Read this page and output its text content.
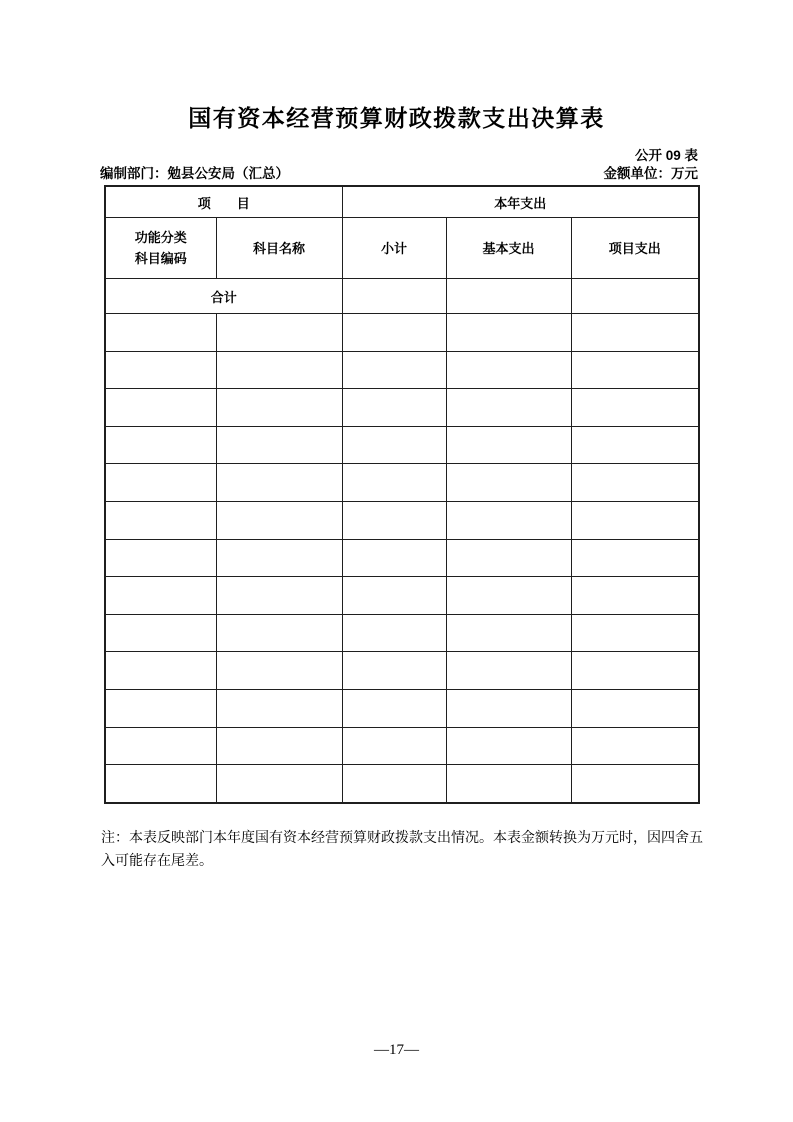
国有资本经营预算财政拨款支出决算表
公开 09 表
编制部门：勉县公安局（汇总）	金额单位：万元
项　　目		本年支出		

功能分类
科目编码	科目名称	小计	基本支出	项目支出
合计				

注：本表反映部门本年度国有资本经营预算财政拨款支出情况。本表金额转换为万元时，因四舍五
入可能存在尾差。
—17—
